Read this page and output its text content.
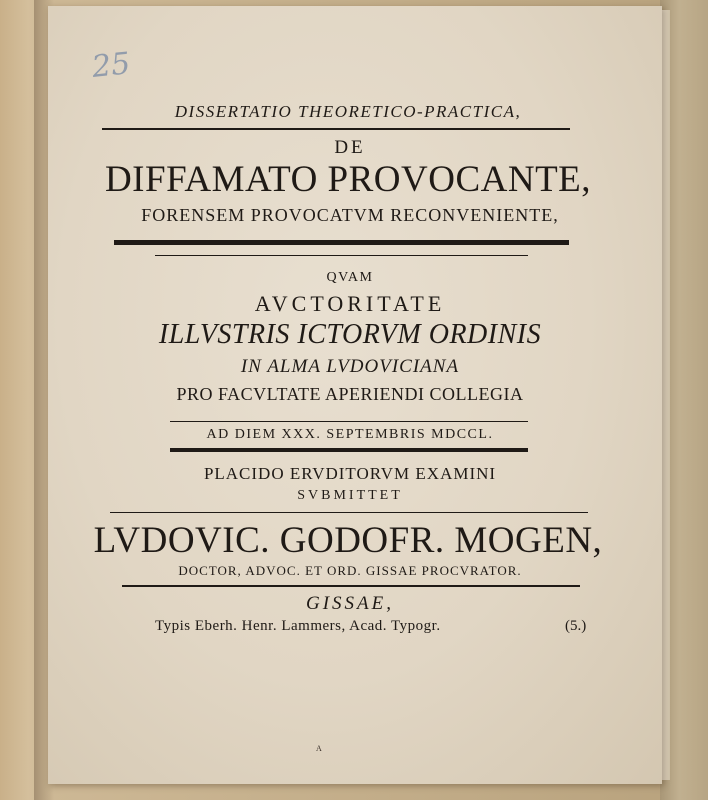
25
DISSERTATIO THEORETICO-PRACTICA,
DE
DIFFAMATO PROVOCANTE,
FORENSEM PROVOCATVM RECONVENIENTE,
QVAM
AVCTORITATE
ILLVSTRIS ICTORVM ORDINIS
IN ALMA LVDOVICIANA
PRO FACVLTATE APERIENDI COLLEGIA
AD DIEM XXX. SEPTEMBRIS MDCCL.
PLACIDO ERVDITORVM EXAMINI
SVBMITTET
LVDOVIC. GODOFR. MOGEN,
DOCTOR, ADVOC. ET ORD. GISSAE PROCVRATOR.
GISSAE,
Typis Eberh. Henr. Lammers, Acad. Typogr.	(5.)
A
